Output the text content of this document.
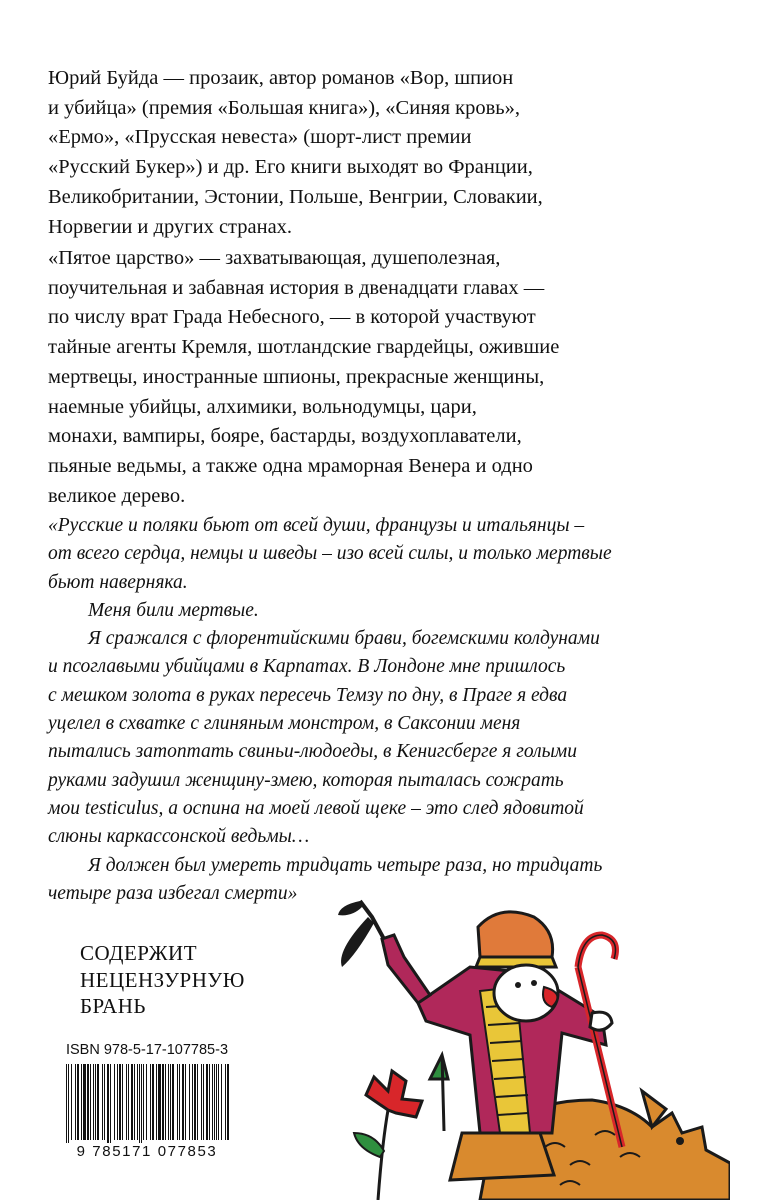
Юрий Буйда — прозаик, автор романов «Вор, шпион
и убийца» (премия «Большая книга»), «Синяя кровь»,
«Ермо», «Прусская невеста» (шорт-лист премии
«Русский Букер») и др. Его книги выходят во Франции,
Великобритании, Эстонии, Польше, Венгрии, Словакии,
Норвегии и других странах.
«Пятое царство» — захватывающая, душеполезная,
поучительная и забавная история в двенадцати главах —
по числу врат Града Небесного, — в которой участвуют
тайные агенты Кремля, шотландские гвардейцы, ожившие
мертвецы, иностранные шпионы, прекрасные женщины,
наемные убийцы, алхимики, вольнодумцы, цари,
монахи, вампиры, бояре, бастарды, воздухоплаватели,
пьяные ведьмы, а также одна мраморная Венера и одно
великое дерево.
«Русские и поляки бьют от всей души, французы и итальянцы –
от всего сердца, немцы и шведы – изо всей силы, и только мертвые
бьют наверняка.
Меня били мертвые.
Я сражался с флорентийскими брави, богемскими колдунами
и псоглавыми убийцами в Карпатах. В Лондоне мне пришлось
с мешком золота в руках пересечь Темзу по дну, в Праге я едва
уцелел в схватке с глиняным монстром, в Саксонии меня
пытались затоптать свиньи-людоеды, в Кенигсберге я голыми
руками задушил женщину-змею, которая пыталась сожрать
мои testiculus, а оспина на моей левой щеке – это след ядовитой
слюны каркассонской ведьмы…
Я должен был умереть тридцать четыре раза, но тридцать
четыре раза избегал смерти»
СОДЕРЖИТ
НЕЦЕНЗУРНУЮ
БРАНЬ
ISBN 978-5-17-107785-3
9 785171 077853
